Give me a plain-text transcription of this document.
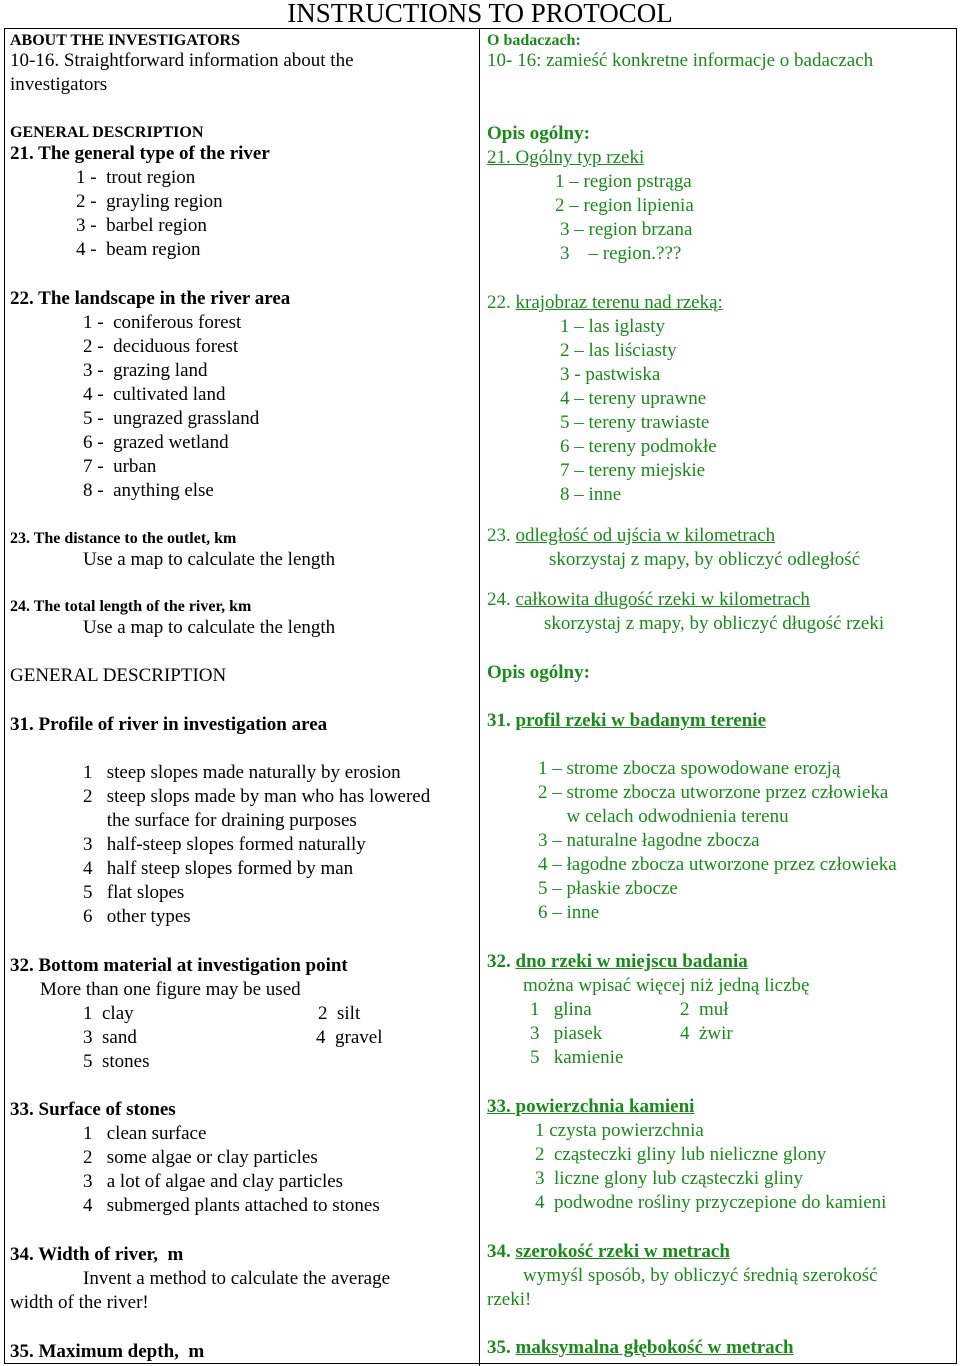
INSTRUCTIONS TO PROTOCOL
ABOUT THE INVESTIGATORS
10-16. Straightforward information about the
investigators
GENERAL DESCRIPTION
21. The general type of the river
1 -  trout region
2 -  grayling region
3 -  barbel region
4 -  beam region
22. The landscape in the river area
1 -  coniferous forest
2 -  deciduous forest
3 -  grazing land
4 -  cultivated land
5 -  ungrazed grassland
6 -  grazed wetland
7 -  urban
8 -  anything else
23. The distance to the outlet, km
Use a map to calculate the length
24. The total length of the river, km
Use a map to calculate the length
GENERAL DESCRIPTION
31. Profile of river in investigation area
1   steep slopes made naturally by erosion
2   steep slops made by man who has lowered
the surface for draining purposes
3   half-steep slopes formed naturally
4   half steep slopes formed by man
5   flat slopes
6   other types
32. Bottom material at investigation point
More than one figure may be used
1  clay	2  silt
3  sand	4  gravel
5  stones
33. Surface of stones
1   clean surface
2   some algae or clay particles
3   a lot of algae and clay particles
4   submerged plants attached to stones
34. Width of river,  m
Invent a method to calculate the average
width of the river!
35. Maximum depth,  m
O badaczach:
10- 16: zamieść konkretne informacje o badaczach
Opis ogólny:
21. Ogólny typ rzeki
1 – region pstrąga
2 – region lipienia
3 – region brzana
3    – region.???
22. krajobraz terenu nad rzeką:
1 – las iglasty
2 – las liściasty
3 - pastwiska
4 – tereny uprawne
5 – tereny trawiaste
6 – tereny podmokłe
7 – tereny miejskie
8 – inne
23. odległość od ujścia w kilometrach
skorzystaj z mapy, by obliczyć odległość
24. całkowita długość rzeki w kilometrach
skorzystaj z mapy, by obliczyć długość rzeki
Opis ogólny:
31. profil rzeki w badanym terenie
1 – strome zbocza spowodowane erozją
2 – strome zbocza utworzone przez człowieka
w celach odwodnienia terenu
3 – naturalne łagodne zbocza
4 – łagodne zbocza utworzone przez człowieka
5 – płaskie zbocze
6 – inne
32. dno rzeki w miejscu badania
można wpisać więcej niż jedną liczbę
1   glina	2  muł
3   piasek	4  żwir
5   kamienie
33. powierzchnia kamieni
1 czysta powierzchnia
2  cząsteczki gliny lub nieliczne glony
3  liczne glony lub cząsteczki gliny
4  podwodne rośliny przyczepione do kamieni
34. szerokość rzeki w metrach
wymyśl sposób, by obliczyć średnią szerokość
rzeki!
35. maksymalna głębokość w metrach
